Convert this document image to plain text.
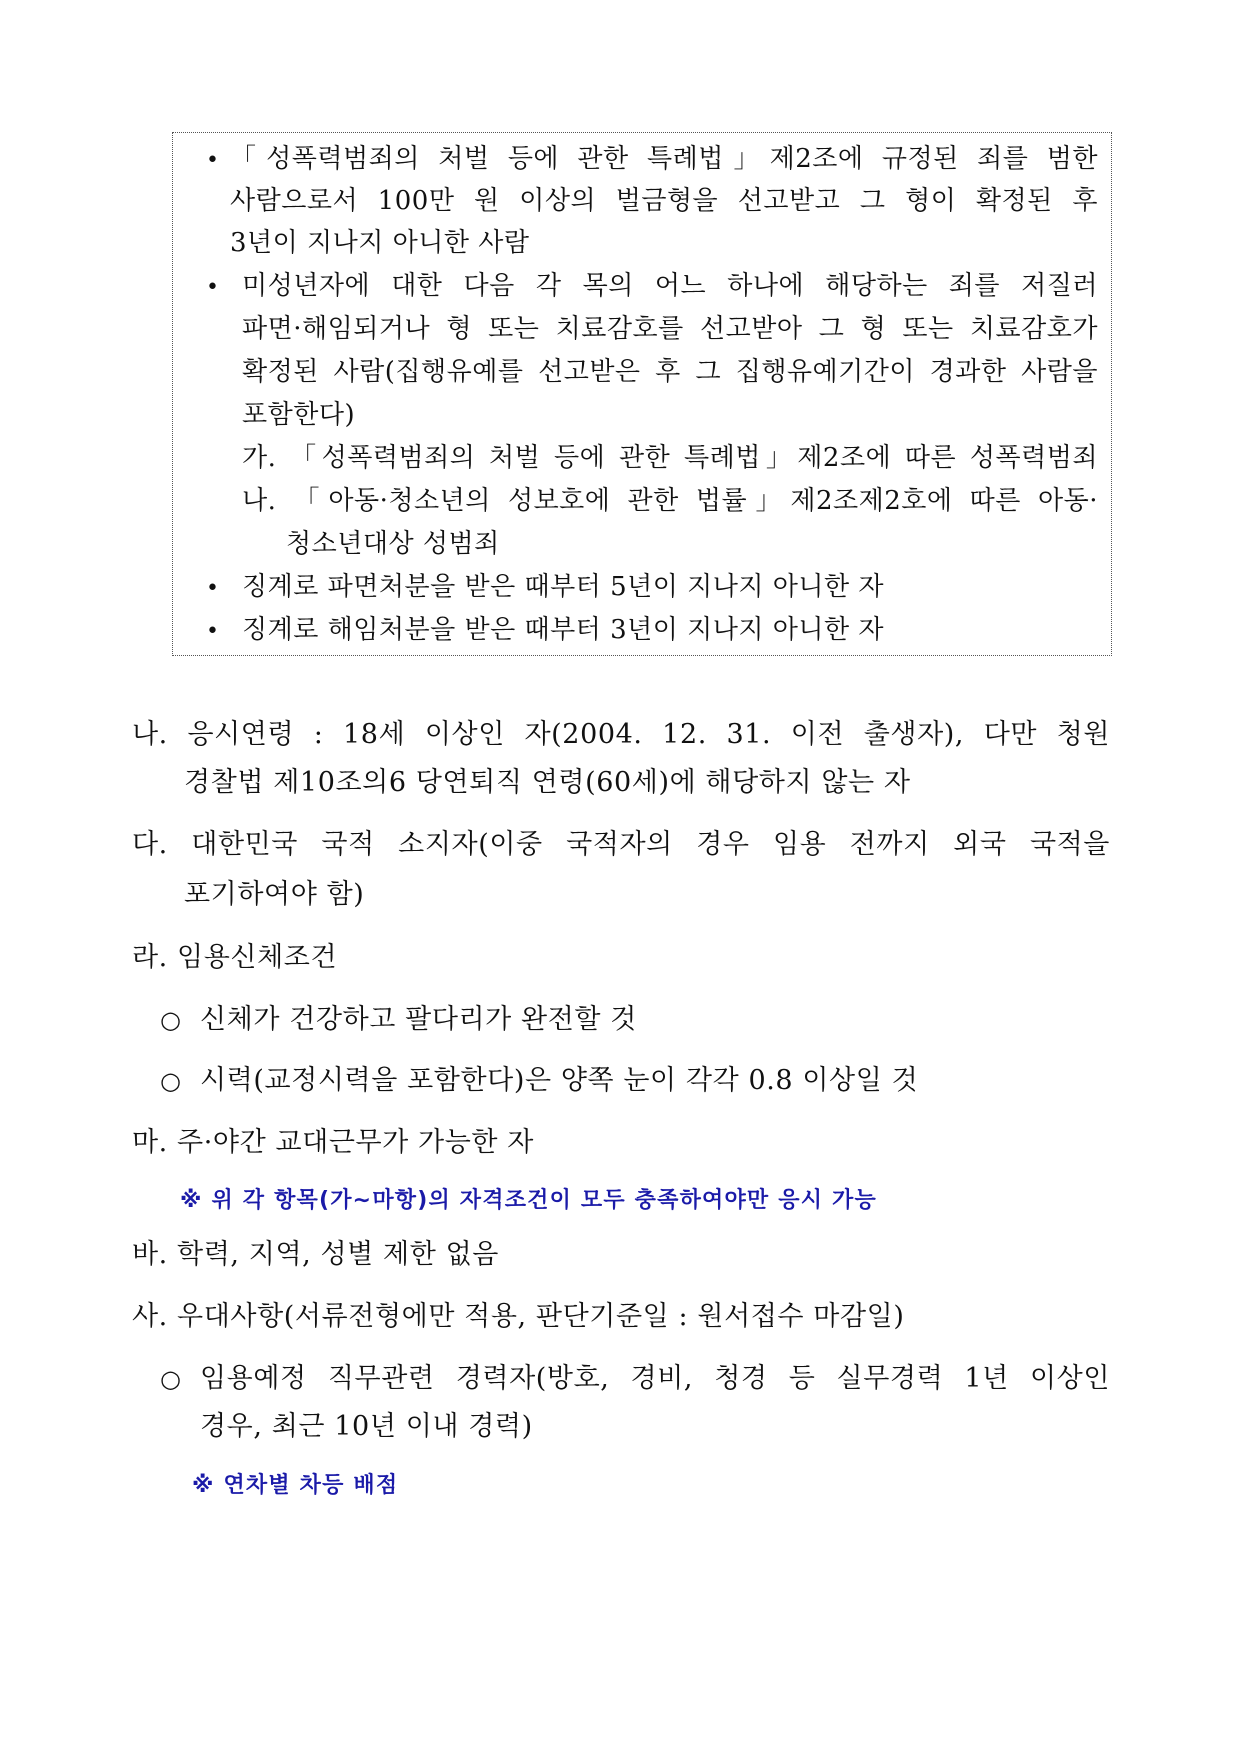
• 「성폭력범죄의 처벌 등에 관한 특례법」제2조에 규정된 죄를 범한
사람으로서 100만 원 이상의 벌금형을 선고받고 그 형이 확정된 후
3년이 지나지 아니한 사람
• 미성년자에 대한 다음 각 목의 어느 하나에 해당하는 죄를 저질러
파면·해임되거나 형 또는 치료감호를 선고받아 그 형 또는 치료감호가
확정된 사람(집행유예를 선고받은 후 그 집행유예기간이 경과한 사람을
포함한다)
가. 「성폭력범죄의 처벌 등에 관한 특례법」제2조에 따른 성폭력범죄
나. 「아동·청소년의 성보호에 관한 법률」제2조제2호에 따른 아동·
청소년대상 성범죄
• 징계로 파면처분을 받은 때부터 5년이 지나지 아니한 자
• 징계로 해임처분을 받은 때부터 3년이 지나지 아니한 자
나. 응시연령 : 18세 이상인 자(2004. 12. 31. 이전 출생자), 다만 청원
경찰법 제10조의6 당연퇴직 연령(60세)에 해당하지 않는 자
다. 대한민국 국적 소지자(이중 국적자의 경우 임용 전까지 외국 국적을
포기하여야 함)
라. 임용신체조건
○ 신체가 건강하고 팔다리가 완전할 것
○ 시력(교정시력을 포함한다)은 양쪽 눈이 각각 0.8 이상일 것
마. 주·야간 교대근무가 가능한 자
※ 위 각 항목(가∼마항)의 자격조건이 모두 충족하여야만 응시 가능
바. 학력, 지역, 성별 제한 없음
사. 우대사항(서류전형에만 적용, 판단기준일 : 원서접수 마감일)
○ 임용예정 직무관련 경력자(방호, 경비, 청경 등 실무경력 1년 이상인
경우, 최근 10년 이내 경력)
※ 연차별 차등 배점
